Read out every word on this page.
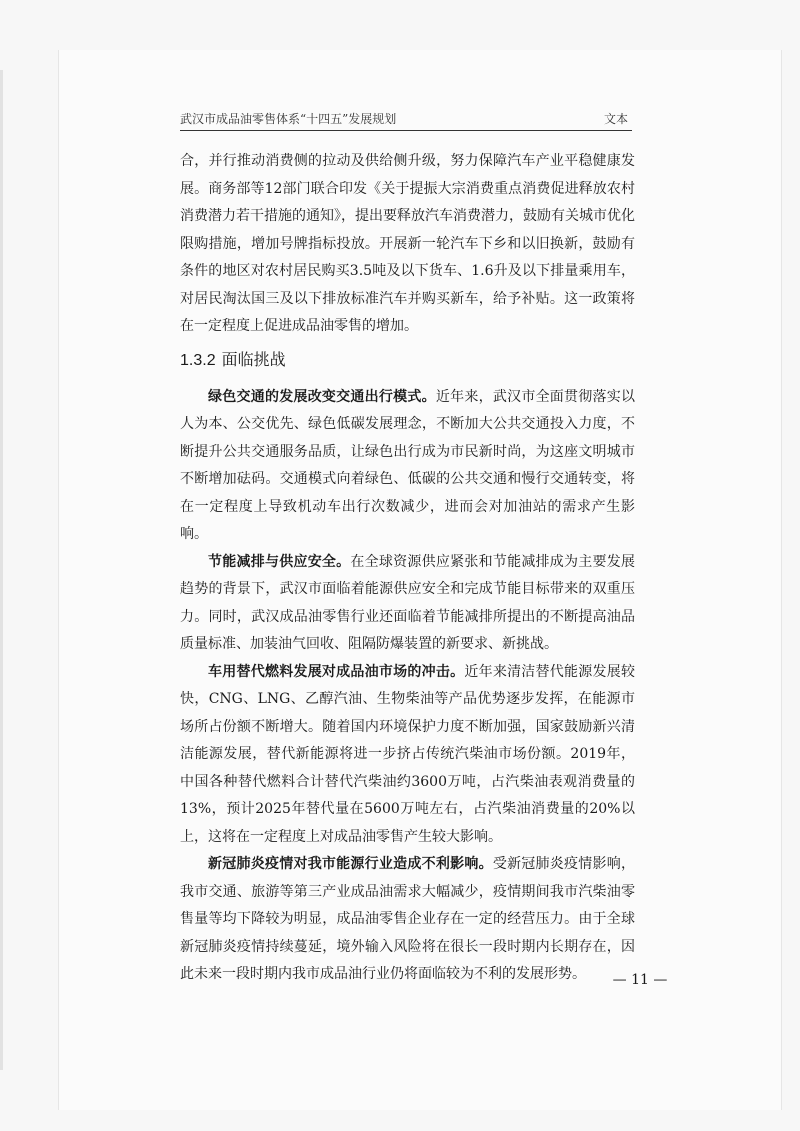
武汉市成品油零售体系“十四五”发展规划	文本

合，并行推动消费侧的拉动及供给侧升级，努力保障汽车产业平稳健康发展。商务部等12部门联合印发《关于提振大宗消费重点消费促进释放农村消费潜力若干措施的通知》，提出要释放汽车消费潜力，鼓励有关城市优化限购措施，增加号牌指标投放。开展新一轮汽车下乡和以旧换新，鼓励有条件的地区对农村居民购买3.5吨及以下货车、1.6升及以下排量乘用车，对居民淘汰国三及以下排放标准汽车并购买新车，给予补贴。这一政策将在一定程度上促进成品油零售的增加。

1.3.2 面临挑战

绿色交通的发展改变交通出行模式。近年来，武汉市全面贯彻落实以人为本、公交优先、绿色低碳发展理念，不断加大公共交通投入力度，不断提升公共交通服务品质，让绿色出行成为市民新时尚，为这座文明城市不断增加砝码。交通模式向着绿色、低碳的公共交通和慢行交通转变，将在一定程度上导致机动车出行次数减少，进而会对加油站的需求产生影响。

节能减排与供应安全。在全球资源供应紧张和节能减排成为主要发展趋势的背景下，武汉市面临着能源供应安全和完成节能目标带来的双重压力。同时，武汉成品油零售行业还面临着节能减排所提出的不断提高油品质量标准、加装油气回收、阻隔防爆装置的新要求、新挑战。

车用替代燃料发展对成品油市场的冲击。近年来清洁替代能源发展较快，CNG、LNG、乙醇汽油、生物柴油等产品优势逐步发挥，在能源市场所占份额不断增大。随着国内环境保护力度不断加强，国家鼓励新兴清洁能源发展，替代新能源将进一步挤占传统汽柴油市场份额。2019年，中国各种替代燃料合计替代汽柴油约3600万吨，占汽柴油表观消费量的13%，预计2025年替代量在5600万吨左右，占汽柴油消费量的20%以上，这将在一定程度上对成品油零售产生较大影响。

新冠肺炎疫情对我市能源行业造成不利影响。受新冠肺炎疫情影响，我市交通、旅游等第三产业成品油需求大幅减少，疫情期间我市汽柴油零售量等均下降较为明显，成品油零售企业存在一定的经营压力。由于全球新冠肺炎疫情持续蔓延，境外输入风险将在很长一段时期内长期存在，因此未来一段时期内我市成品油行业仍将面临较为不利的发展形势。	— 11 —
